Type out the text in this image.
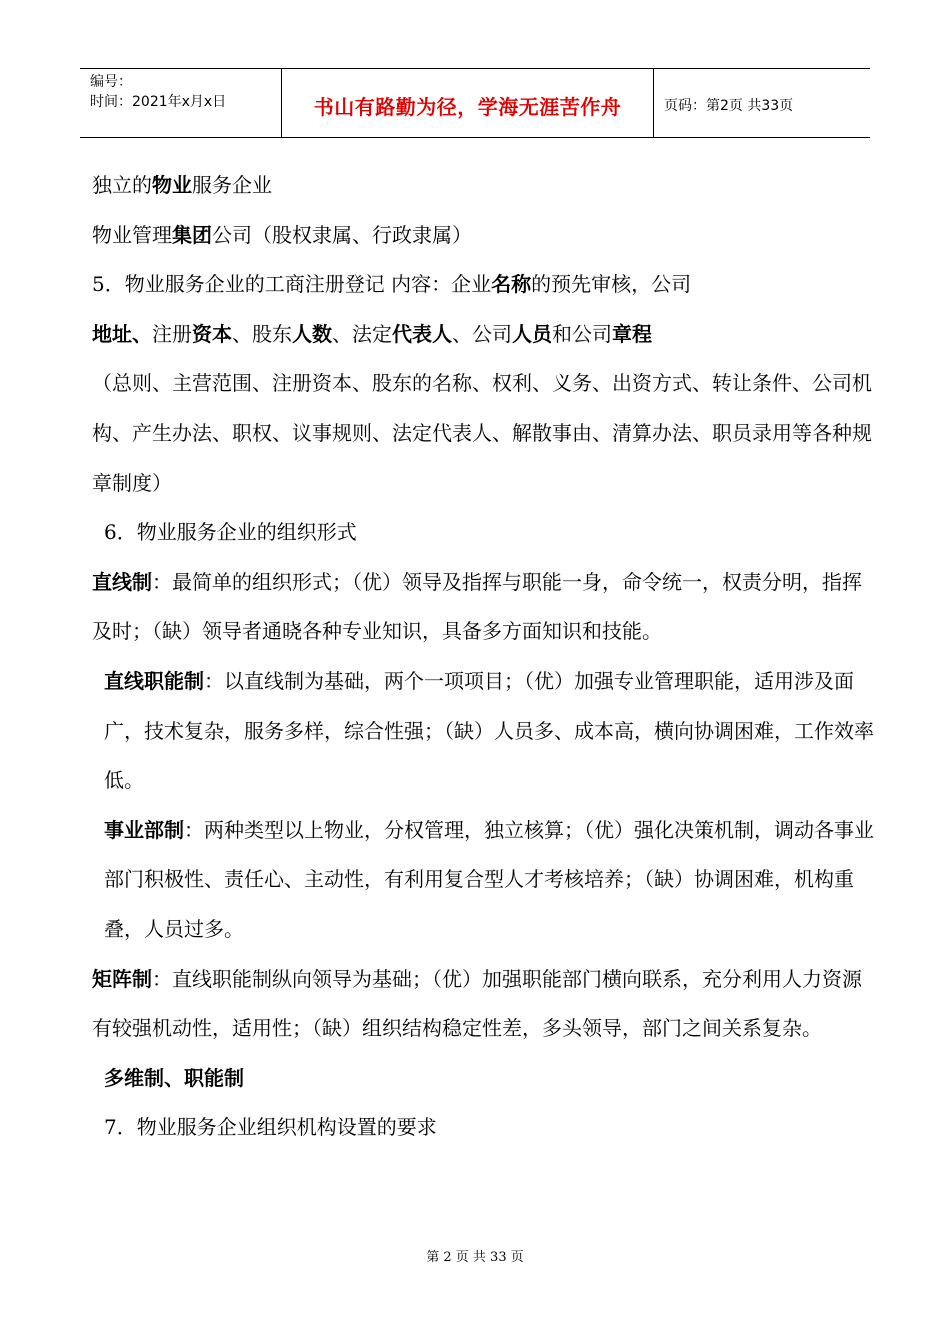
编号：
时间：2021年x月x日	书山有路勤为径，学海无涯苦作舟	页码：第2页 共33页

独立的物业服务企业

物业管理集团公司（股权隶属、行政隶属）

5．物业服务企业的工商注册登记 内容：企业名称的预先审核，公司

地址、注册资本、股东人数、法定代表人、公司人员和公司章程

（总则、主营范围、注册资本、股东的名称、权利、义务、出资方式、转让条件、公司机构、产生办法、职权、议事规则、法定代表人、解散事由、清算办法、职员录用等各种规章制度）

6．物业服务企业的组织形式

直线制：最简单的组织形式；（优）领导及指挥与职能一身，命令统一，权责分明，指挥及时；（缺）领导者通晓各种专业知识，具备多方面知识和技能。

直线职能制：以直线制为基础，两个一项项目；（优）加强专业管理职能，适用涉及面广，技术复杂，服务多样，综合性强；（缺）人员多、成本高，横向协调困难，工作效率低。

事业部制：两种类型以上物业，分权管理，独立核算；（优）强化决策机制，调动各事业部门积极性、责任心、主动性，有利用复合型人才考核培养；（缺）协调困难，机构重叠，人员过多。

矩阵制：直线职能制纵向领导为基础；（优）加强职能部门横向联系，充分利用人力资源有较强机动性，适用性；（缺）组织结构稳定性差，多头领导，部门之间关系复杂。

多维制、职能制

7．物业服务企业组织机构设置的要求

第 2 页 共 33 页
